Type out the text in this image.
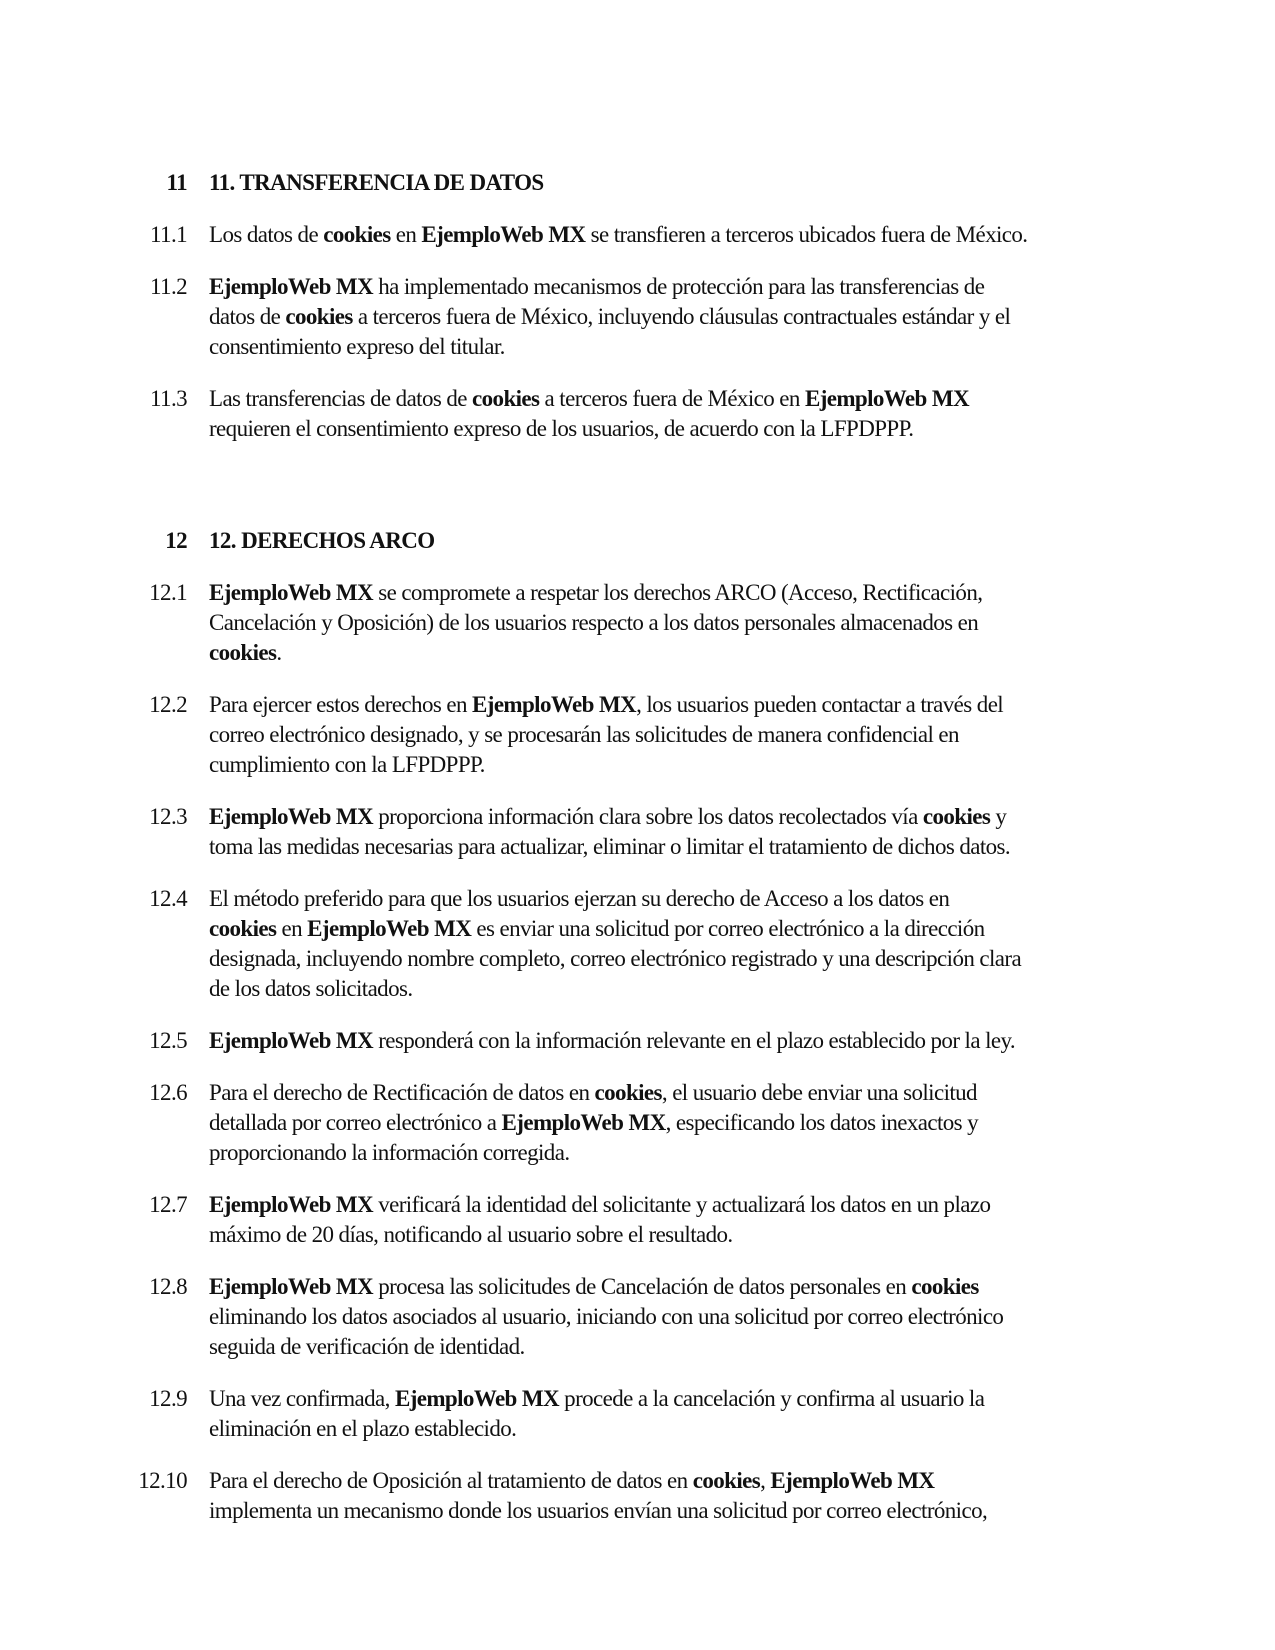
11 11. TRANSFERENCIA DE DATOS
11.1 Los datos de cookies en EjemploWeb MX se transfieren a terceros ubicados fuera de México.
11.2 EjemploWeb MX ha implementado mecanismos de protección para las transferencias de
datos de cookies a terceros fuera de México, incluyendo cláusulas contractuales estándar y el
consentimiento expreso del titular.
11.3 Las transferencias de datos de cookies a terceros fuera de México en EjemploWeb MX
requieren el consentimiento expreso de los usuarios, de acuerdo con la LFPDPPP.
12 12. DERECHOS ARCO
12.1 EjemploWeb MX se compromete a respetar los derechos ARCO (Acceso, Rectificación,
Cancelación y Oposición) de los usuarios respecto a los datos personales almacenados en
cookies.
12.2 Para ejercer estos derechos en EjemploWeb MX, los usuarios pueden contactar a través del
correo electrónico designado, y se procesarán las solicitudes de manera confidencial en
cumplimiento con la LFPDPPP.
12.3 EjemploWeb MX proporciona información clara sobre los datos recolectados vía cookies y
toma las medidas necesarias para actualizar, eliminar o limitar el tratamiento de dichos datos.
12.4 El método preferido para que los usuarios ejerzan su derecho de Acceso a los datos en
cookies en EjemploWeb MX es enviar una solicitud por correo electrónico a la dirección
designada, incluyendo nombre completo, correo electrónico registrado y una descripción clara
de los datos solicitados.
12.5 EjemploWeb MX responderá con la información relevante en el plazo establecido por la ley.
12.6 Para el derecho de Rectificación de datos en cookies, el usuario debe enviar una solicitud
detallada por correo electrónico a EjemploWeb MX, especificando los datos inexactos y
proporcionando la información corregida.
12.7 EjemploWeb MX verificará la identidad del solicitante y actualizará los datos en un plazo
máximo de 20 días, notificando al usuario sobre el resultado.
12.8 EjemploWeb MX procesa las solicitudes de Cancelación de datos personales en cookies
eliminando los datos asociados al usuario, iniciando con una solicitud por correo electrónico
seguida de verificación de identidad.
12.9 Una vez confirmada, EjemploWeb MX procede a la cancelación y confirma al usuario la
eliminación en el plazo establecido.
12.10 Para el derecho de Oposición al tratamiento de datos en cookies, EjemploWeb MX
implementa un mecanismo donde los usuarios envían una solicitud por correo electrónico,
